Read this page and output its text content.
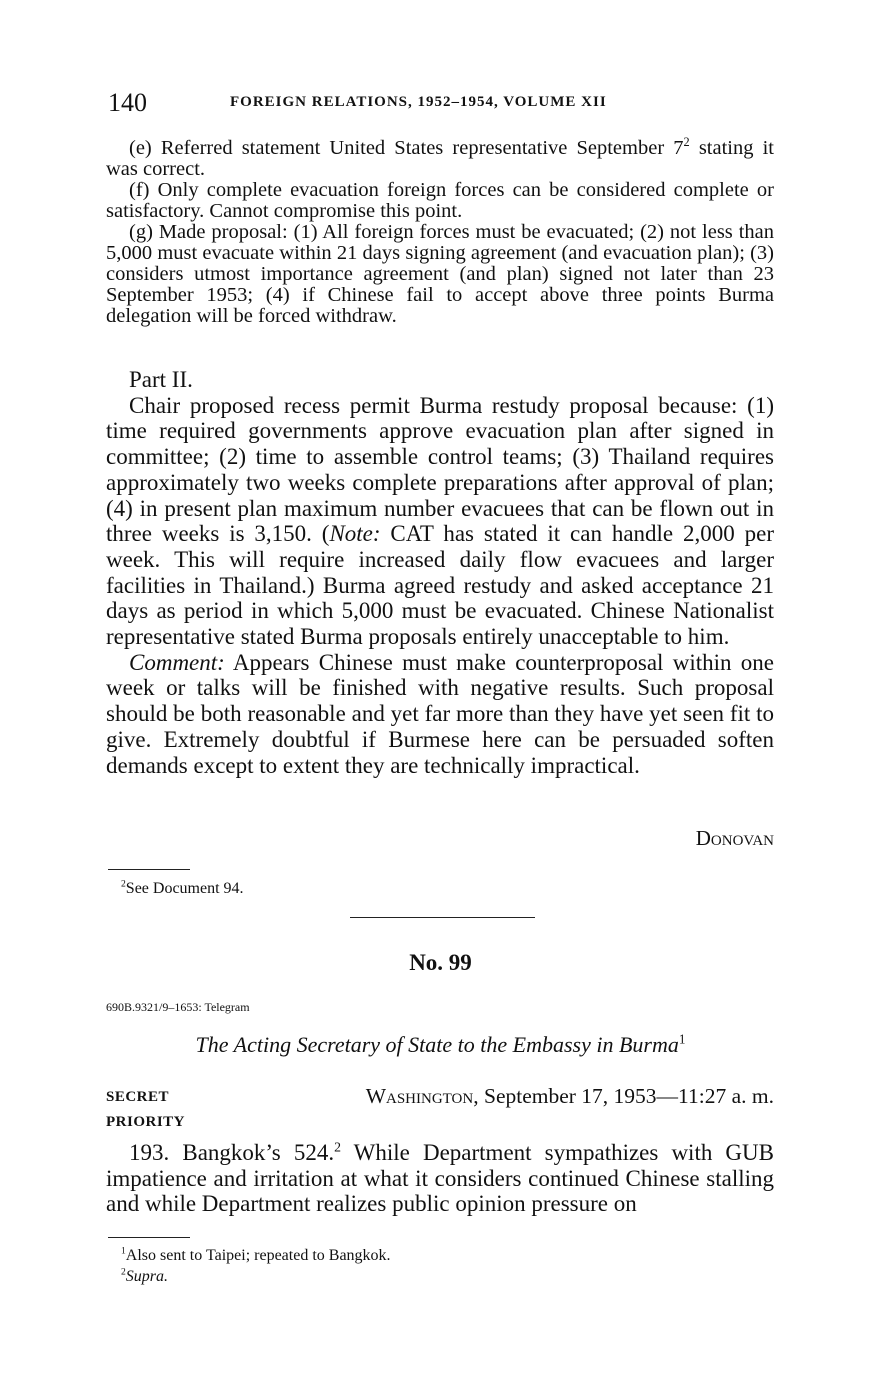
140	FOREIGN RELATIONS, 1952–1954, VOLUME XII

(e) Referred statement United States representative September $7^2$ stating it was correct.

(f) Only complete evacuation foreign forces can be considered complete or satisfactory. Cannot compromise this point.

(g) Made proposal: (1) All foreign forces must be evacuated; (2) not less than 5,000 must evacuate within 21 days signing agreement (and evacuation plan); (3) considers utmost importance agreement (and plan) signed not later than 23 September 1953; (4) if Chinese fail to accept above three points Burma delegation will be forced withdraw.

Part II.

Chair proposed recess permit Burma restudy proposal because: (1) time required governments approve evacuation plan after signed in committee; (2) time to assemble control teams; (3) Thailand requires approximately two weeks complete preparations after approval of plan; (4) in present plan maximum number evacuees that can be flown out in three weeks is 3,150. (Note: CAT has stated it can handle 2,000 per week. This will require increased daily flow evacuees and larger facilities in Thailand.) Burma agreed restudy and asked acceptance 21 days as period in which 5,000 must be evacuated. Chinese Nationalist representative stated Burma proposals entirely unacceptable to him.

Comment: Appears Chinese must make counterproposal within one week or talks will be finished with negative results. Such proposal should be both reasonable and yet far more than they have yet seen fit to give. Extremely doubtful if Burmese here can be persuaded soften demands except to extent they are technically impractical.

Donovan
$^2$See Document 94.
No. 99
690B.9321/9–1653: Telegram
The Acting Secretary of State to the Embassy in Burma$^1$
SECRET
PRIORITY
Washington, September 17, 1953—11:27 a. m.
193. Bangkok’s 524.$^2$ While Department sympathizes with GUB impatience and irritation at what it considers continued Chinese stalling and while Department realizes public opinion pressure on
$^1$Also sent to Taipei; repeated to Bangkok.
$^2$Supra.
